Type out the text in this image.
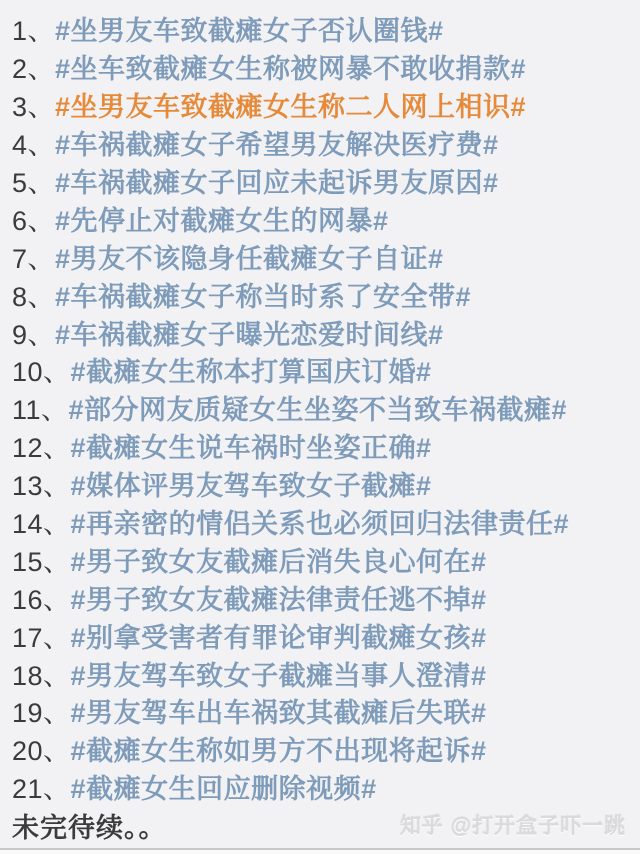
1、 #坐男友车致截瘫女子否认圈钱#
2、 #坐车致截瘫女生称被网暴不敢收捐款#
3、 #坐男友车致截瘫女生称二人网上相识#
4、 #车祸截瘫女子希望男友解决医疗费#
5、 #车祸截瘫女子回应未起诉男友原因#
6、 #先停止对截瘫女生的网暴#
7、 #男友不该隐身任截瘫女子自证#
8、 #车祸截瘫女子称当时系了安全带#
9、 #车祸截瘫女子曝光恋爱时间线#
10、 #截瘫女生称本打算国庆订婚#
11、 #部分网友质疑女生坐姿不当致车祸截瘫#
12、 #截瘫女生说车祸时坐姿正确#
13、 #媒体评男友驾车致女子截瘫#
14、 #再亲密的情侣关系也必须回归法律责任#
15、 #男子致女友截瘫后消失良心何在#
16、 #男子致女友截瘫法律责任逃不掉#
17、 #别拿受害者有罪论审判截瘫女孩#
18、 #男友驾车致女子截瘫当事人澄清#
19、 #男友驾车出车祸致其截瘫后失联#
20、 #截瘫女生称如男方不出现将起诉#
21、 #截瘫女生回应删除视频#
未完待续。。	知乎 @打开盒子吓一跳
